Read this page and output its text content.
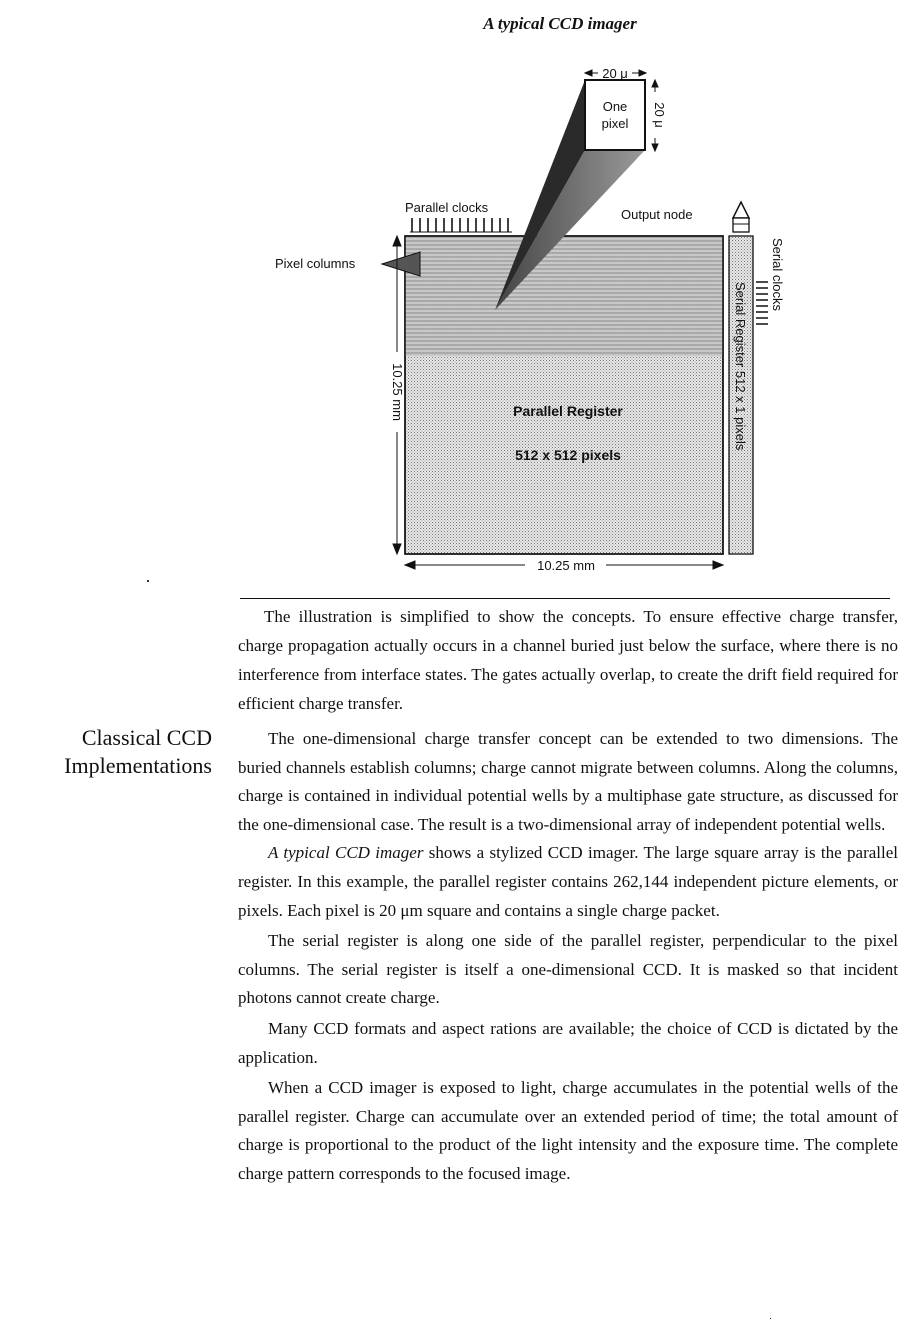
A typical CCD imager
One
pixel
20 μ
20 μ
Parallel clocks	Output node
Pixel columns	Serial clocks
Serial Register 512 x 1 pixels
Parallel Register
512 x 512 pixels
10.25 mm
10.25 mm
The illustration is simplified to show the concepts. To ensure effective charge transfer, charge propagation actually occurs in a channel buried just below the surface, where there is no interference from interface states. The gates actually overlap, to create the drift field required for efficient charge transfer.
Classical CCD
Implementations

The one-dimensional charge transfer concept can be extended to two dimensions. The buried channels establish columns; charge cannot migrate between columns. Along the columns, charge is contained in individual potential wells by a multiphase gate structure, as discussed for the one-dimensional case. The result is a two-dimensional array of independent potential wells.

A typical CCD imager shows a stylized CCD imager. The large square array is the parallel register. In this example, the parallel register contains 262,144 independent picture elements, or pixels. Each pixel is 20 μm square and contains a single charge packet.

The serial register is along one side of the parallel register, perpendicular to the pixel columns. The serial register is itself a one-dimensional CCD. It is masked so that incident photons cannot create charge.

Many CCD formats and aspect rations are available; the choice of CCD is dictated by the application.

When a CCD imager is exposed to light, charge accumulates in the potential wells of the parallel register. Charge can accumulate over an extended period of time; the total amount of charge is proportional to the product of the light intensity and the exposure time. The complete charge pattern corresponds to the focused image.
